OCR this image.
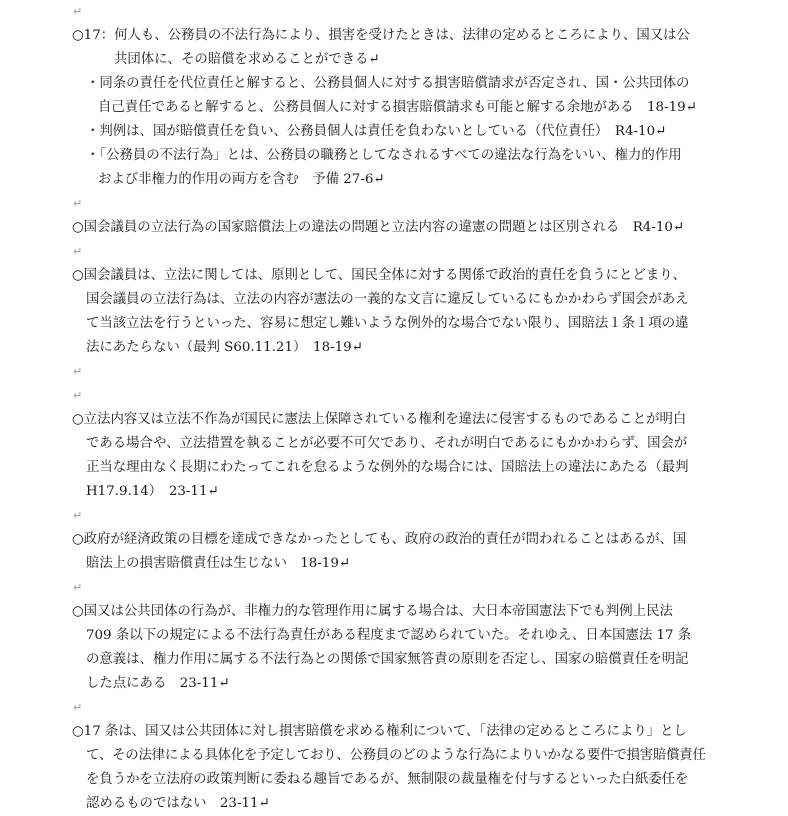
↵
○17：何人も、公務員の不法行為により、損害を受けたときは、法律の定めるところにより、国又は公
共団体に、その賠償を求めることができる↵
・同条の責任を代位責任と解すると、公務員個人に対する損害賠償請求が否定され、国・公共団体の
自己責任であると解すると、公務員個人に対する損害賠償請求も可能と解する余地がある　18-19↵
・判例は、国が賠償責任を負い、公務員個人は責任を負わないとしている（代位責任）　R4-10↵
・「公務員の不法行為」とは、公務員の職務としてなされるすべての違法な行為をいい、権力的作用
および非権力的作用の両方を含む　予備 27-6↵
↵
○国会議員の立法行為の国家賠償法上の違法の問題と立法内容の違憲の問題とは区別される　R4-10↵
↵
○国会議員は、立法に関しては、原則として、国民全体に対する関係で政治的責任を負うにとどまり、
国会議員の立法行為は、立法の内容が憲法の一義的な文言に違反しているにもかかわらず国会があえ
て当該立法を行うといった、容易に想定し難いような例外的な場合でない限り、国賠法１条１項の違
法にあたらない（最判 S60.11.21）　18-19↵
↵
↵
○立法内容又は立法不作為が国民に憲法上保障されている権利を違法に侵害するものであることが明白
である場合や、立法措置を執ることが必要不可欠であり、それが明白であるにもかかわらず、国会が
正当な理由なく長期にわたってこれを怠るような例外的な場合には、国賠法上の違法にあたる（最判
H17.9.14）　23-11↵
↵
○政府が経済政策の目標を達成できなかったとしても、政府の政治的責任が問われることはあるが、国
賠法上の損害賠償責任は生じない　18-19↵
↵
○国又は公共団体の行為が、非権力的な管理作用に属する場合は、大日本帝国憲法下でも判例上民法
709 条以下の規定による不法行為責任がある程度まで認められていた。それゆえ、日本国憲法 17 条
の意義は、権力作用に属する不法行為との関係で国家無答責の原則を否定し、国家の賠償責任を明記
した点にある　23-11↵
↵
○17 条は、国又は公共団体に対し損害賠償を求める権利について、「法律の定めるところにより」とし
て、その法律による具体化を予定しており、公務員のどのような行為によりいかなる要件で損害賠償責任
を負うかを立法府の政策判断に委ねる趣旨であるが、無制限の裁量権を付与するといった白紙委任を
認めるものではない　23-11↵
